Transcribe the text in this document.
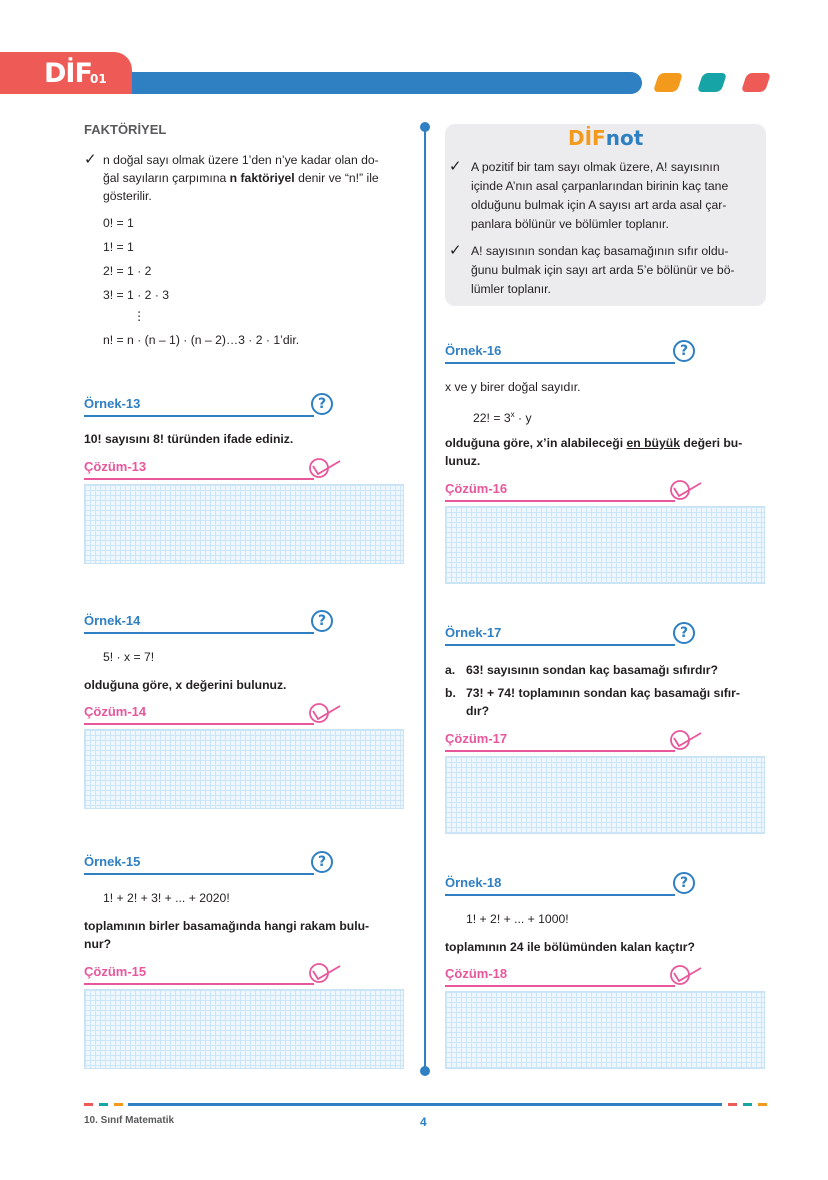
DİF
01
FAKTÖRİYEL
✓ n doğal sayı olmak üzere 1’den n’ye kadar olan do-
ğal sayıların çarpımına n faktöriyel denir ve “n!” ile
gösterilir.
0! = 1
1! = 1
2! = 1 · 2
3! = 1 · 2 · 3
⋮
n! = n · (n – 1) · (n – 2)…3 · 2 · 1’dir.
Örnek-13	?
10! sayısını 8! türünden ifade ediniz.
Çözüm-13
Örnek-14	?
5! · x = 7!
olduğuna göre, x değerini bulunuz.
Çözüm-14
Örnek-15	?
1! + 2! + 3! + ... + 2020!
toplamının birler basamağında hangi rakam bulu-
nur?
Çözüm-15
DİFnot
✓ A pozitif bir tam sayı olmak üzere, A! sayısının
içinde A’nın asal çarpanlarından birinin kaç tane
olduğunu bulmak için A sayısı art arda asal çar-
panlara bölünür ve bölümler toplanır.
✓ A! sayısının sondan kaç basamağının sıfır oldu-
ğunu bulmak için sayı art arda 5’e bölünür ve bö-
lümler toplanır.
Örnek-16	?
x ve y birer doğal sayıdır.
22! = $3^x \cdot y$
olduğuna göre, x’in alabileceği en büyük değeri bu-
lunuz.
Çözüm-16
Örnek-17	?
a. 63! sayısının sondan kaç basamağı sıfırdır?
b. 73! + 74! toplamının sondan kaç basamağı sıfır-
dır?
Çözüm-17
Örnek-18	?
1! + 2! + ... + 1000!
toplamının 24 ile bölümünden kalan kaçtır?
Çözüm-18
10. Sınıf Matematik	4
